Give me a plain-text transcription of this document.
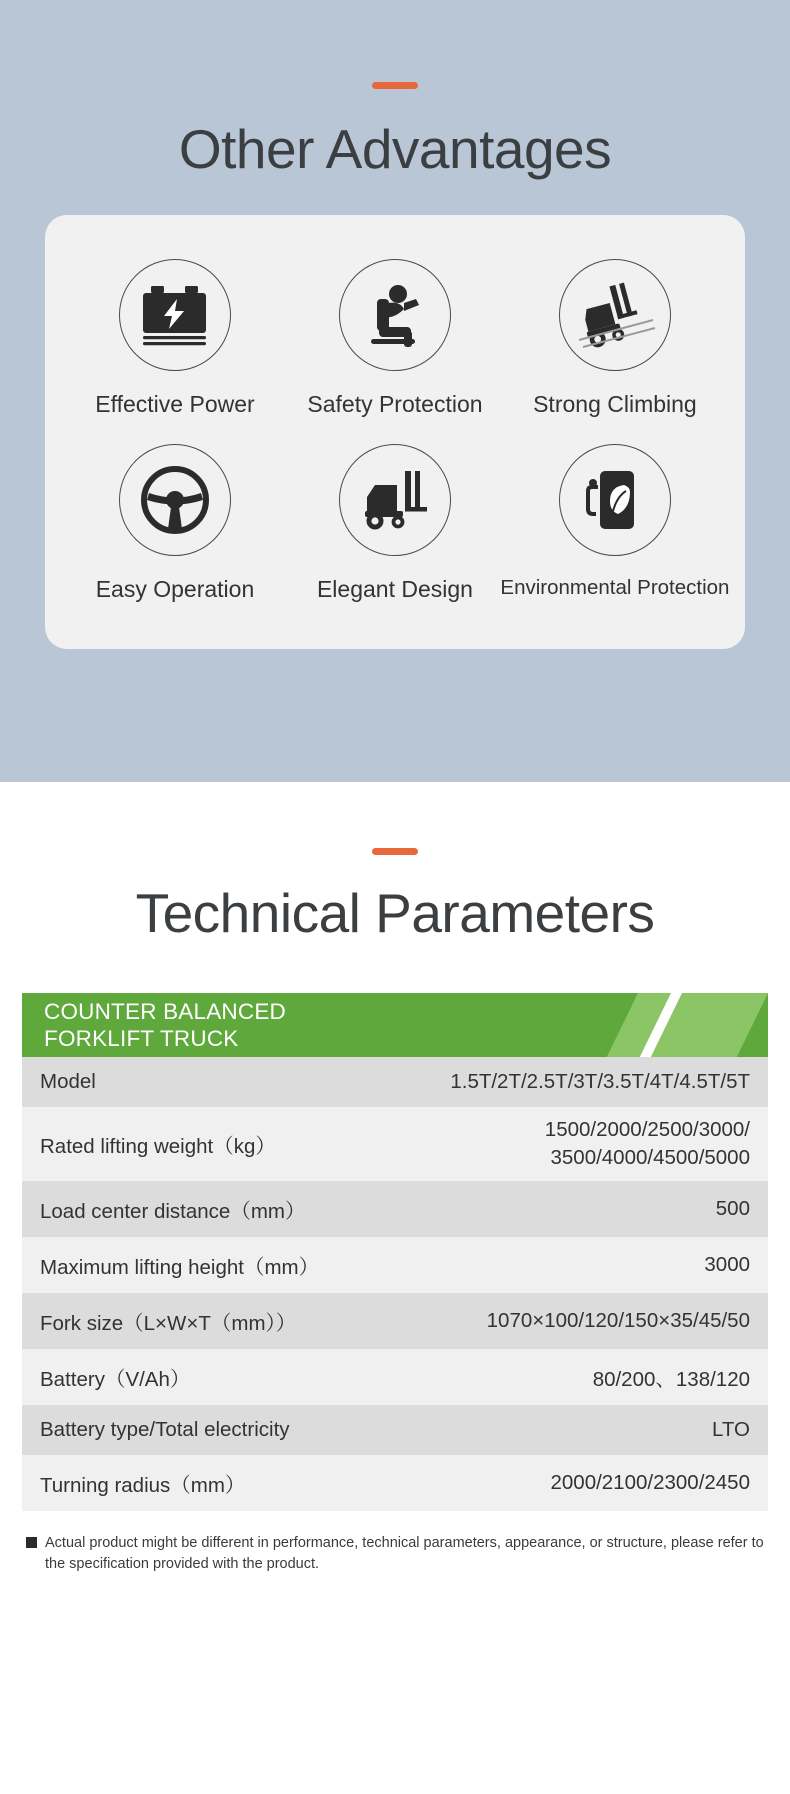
Other Advantages
Effective Power Safety Protection Strong Climbing
Easy Operation	Elegant Design Environmental Protection
Technical Parameters
COUNTER BALANCED
FORKLIFT TRUCK
Model	1.5T/2T/2.5T/3T/3.5T/4T/4.5T/5T
Rated lifting weight（kg）	1500/2000/2500/3000/
3500/4000/4500/5000

Load center distance（mm）	500
Maximum lifting height（mm）	3000
Fork size（L×W×T（mm））	1070×100/120/150×35/45/50
Battery（V/Ah）	80/200、138/120
Battery type/Total electricity	LTO
Turning radius（mm）	2000/2100/2300/2450
Actual product might be different in performance, technical parameters, appearance, or structure, please refer to the specification provided with the product.
